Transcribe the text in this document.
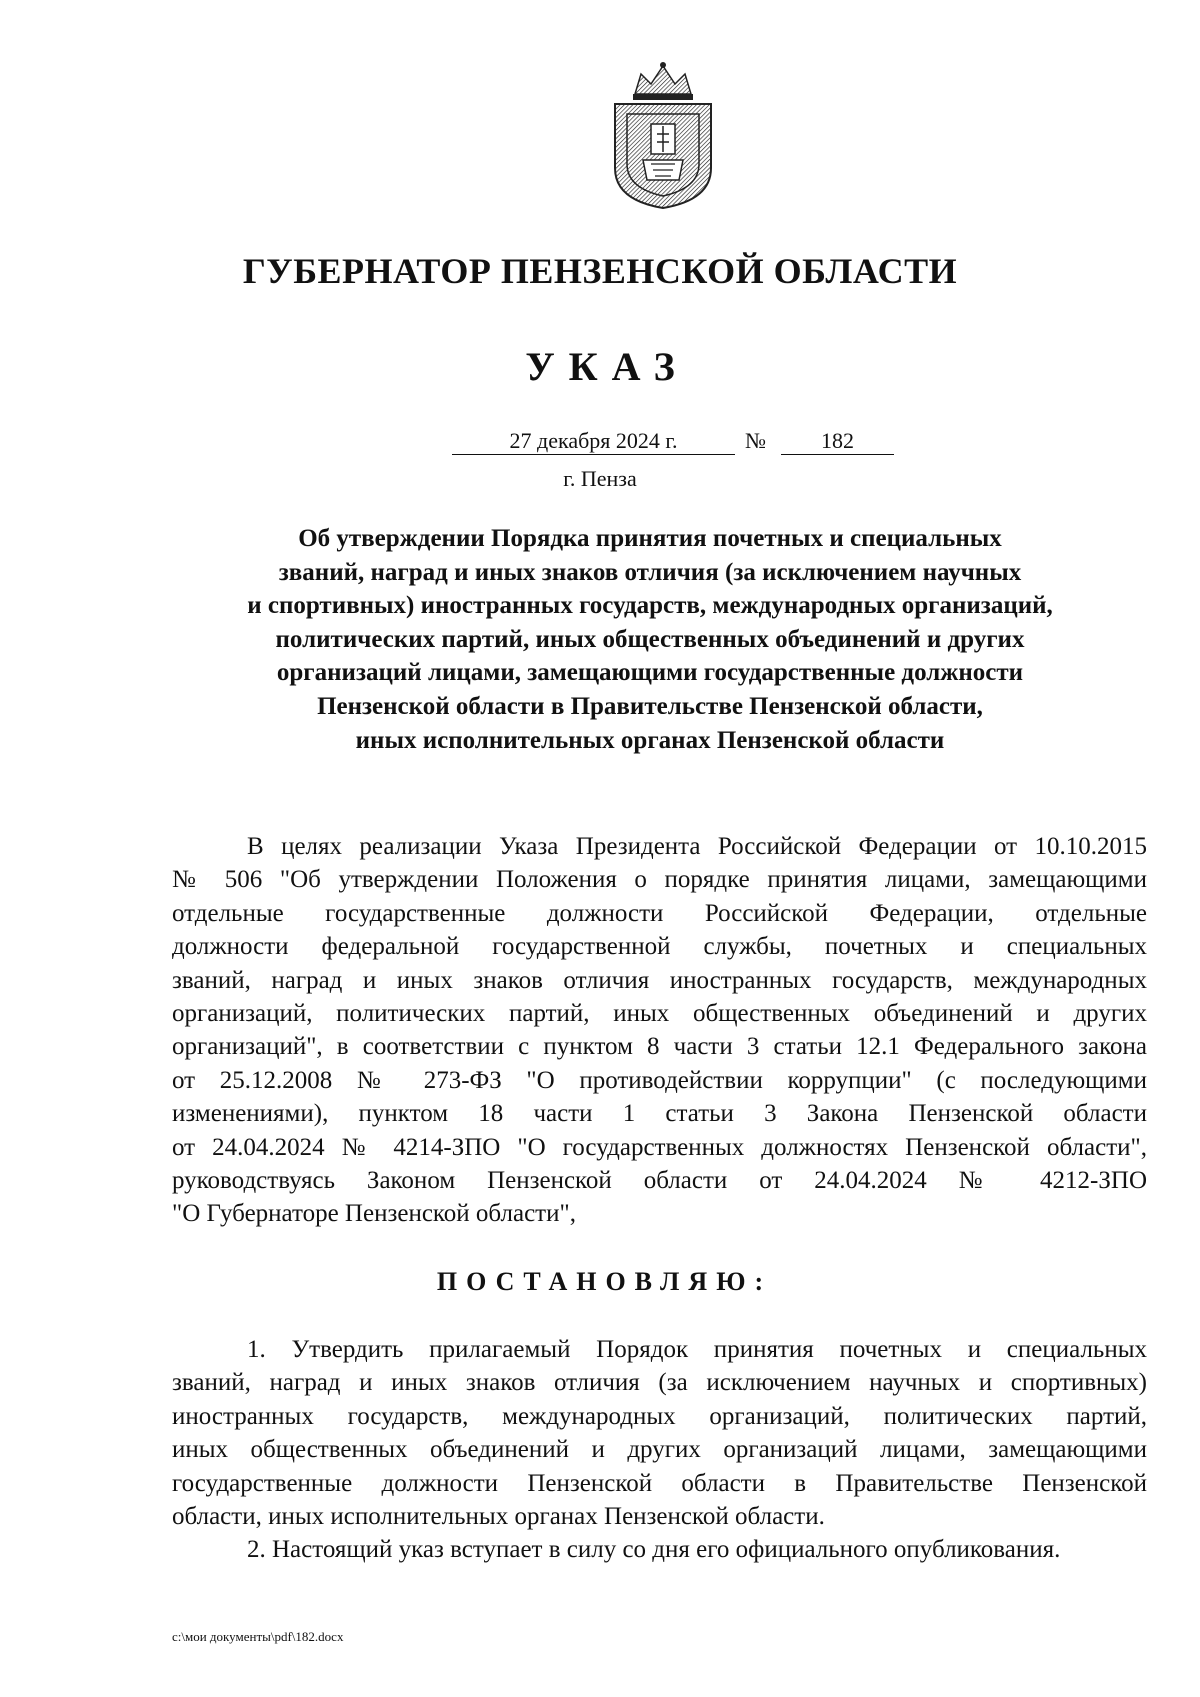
ГУБЕРНАТОР ПЕНЗЕНСКОЙ ОБЛАСТИ
УКАЗ
27 декабря 2024 г.	№	182
г. Пенза
Об утверждении Порядка принятия почетных и специальных
званий, наград и иных знаков отличия (за исключением научных
и спортивных) иностранных государств, международных организаций,
политических партий, иных общественных объединений и других
организаций лицами, замещающими государственные должности
Пензенской области в Правительстве Пензенской области,
иных исполнительных органах Пензенской области

В целях реализации Указа Президента Российской Федерации от 10.10.2015
№ 506 "Об утверждении Положения о порядке принятия лицами, замещающими
отдельные государственные должности Российской Федерации, отдельные
должности федеральной государственной службы, почетных и специальных
званий, наград и иных знаков отличия иностранных государств, международных
организаций, политических партий, иных общественных объединений и других
организаций", в соответствии с пунктом 8 части 3 статьи 12.1 Федерального закона
от 25.12.2008 № 273-ФЗ "О противодействии коррупции" (с последующими
изменениями), пунктом 18 части 1 статьи 3 Закона Пензенской области
от 24.04.2024 № 4214-ЗПО "О государственных должностях Пензенской области",
руководствуясь Законом Пензенской области от 24.04.2024 № 4212-ЗПО
"О Губернаторе Пензенской области",

ПОСТАНОВЛЯЮ:

1. Утвердить прилагаемый Порядок принятия почетных и специальных
званий, наград и иных знаков отличия (за исключением научных и спортивных)
иностранных государств, международных организаций, политических партий,
иных общественных объединений и других организаций лицами, замещающими
государственные должности Пензенской области в Правительстве Пензенской
области, иных исполнительных органах Пензенской области.

2. Настоящий указ вступает в силу со дня его официального опубликования.

c:\мои документы\pdf\182.docx
